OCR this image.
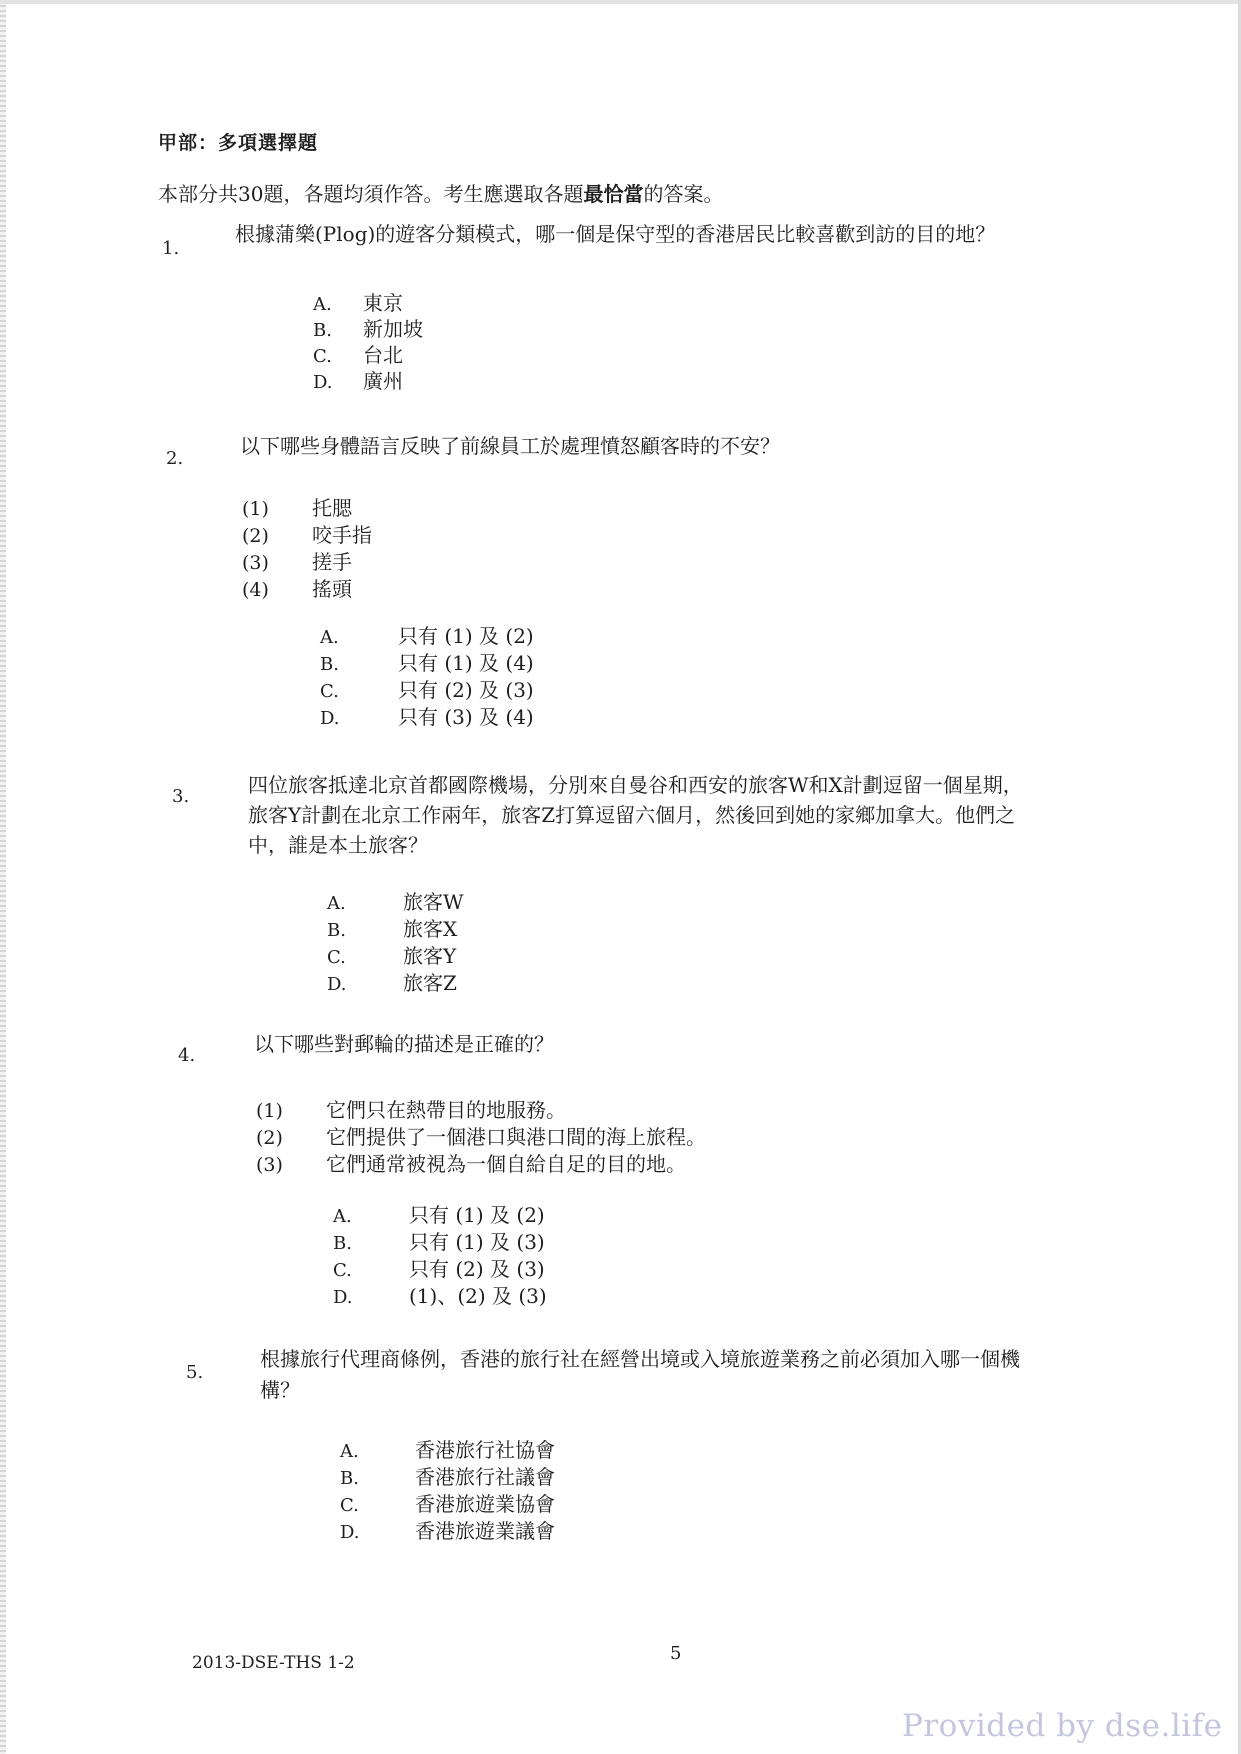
甲部：多項選擇題
本部分共30題，各題均須作答。考生應選取各題最恰當的答案。
1.
根據蒲樂(Plog)的遊客分類模式，哪一個是保守型的香港居民比較喜歡到訪的目的地？
A. 東京
B. 新加坡
C. 台北
D. 廣州
2.
以下哪些身體語言反映了前線員工於處理憤怒顧客時的不安？
(1) 托腮
(2) 咬手指
(3) 搓手
(4) 搖頭
A.	只有 (1) 及 (2)
B.	只有 (1) 及 (4)
C.	只有 (2) 及 (3)
D.	只有 (3) 及 (4)
3.	四位旅客抵達北京首都國際機場，分別來自曼谷和西安的旅客W和X計劃逗留一個星期，
旅客Y計劃在北京工作兩年，旅客Z打算逗留六個月，然後回到她的家鄉加拿大。他們之
中，誰是本土旅客？
A.	旅客W
B.	旅客X
C.	旅客Y
D.	旅客Z
4.	以下哪些對郵輪的描述是正確的？
(1) 它們只在熱帶目的地服務。
(2) 它們提供了一個港口與港口間的海上旅程。
(3) 它們通常被視為一個自給自足的目的地。
A.	只有 (1) 及 (2)
B.	只有 (1) 及 (3)
C.	只有 (2) 及 (3)
D.	(1)、(2) 及 (3)
5.
根據旅行代理商條例，香港的旅行社在經營出境或入境旅遊業務之前必須加入哪一個機
構？
A.	香港旅行社協會
B.	香港旅行社議會
C.	香港旅遊業協會
D.	香港旅遊業議會
2013-DSE-THS 1-2	5
Provided by dse.life
